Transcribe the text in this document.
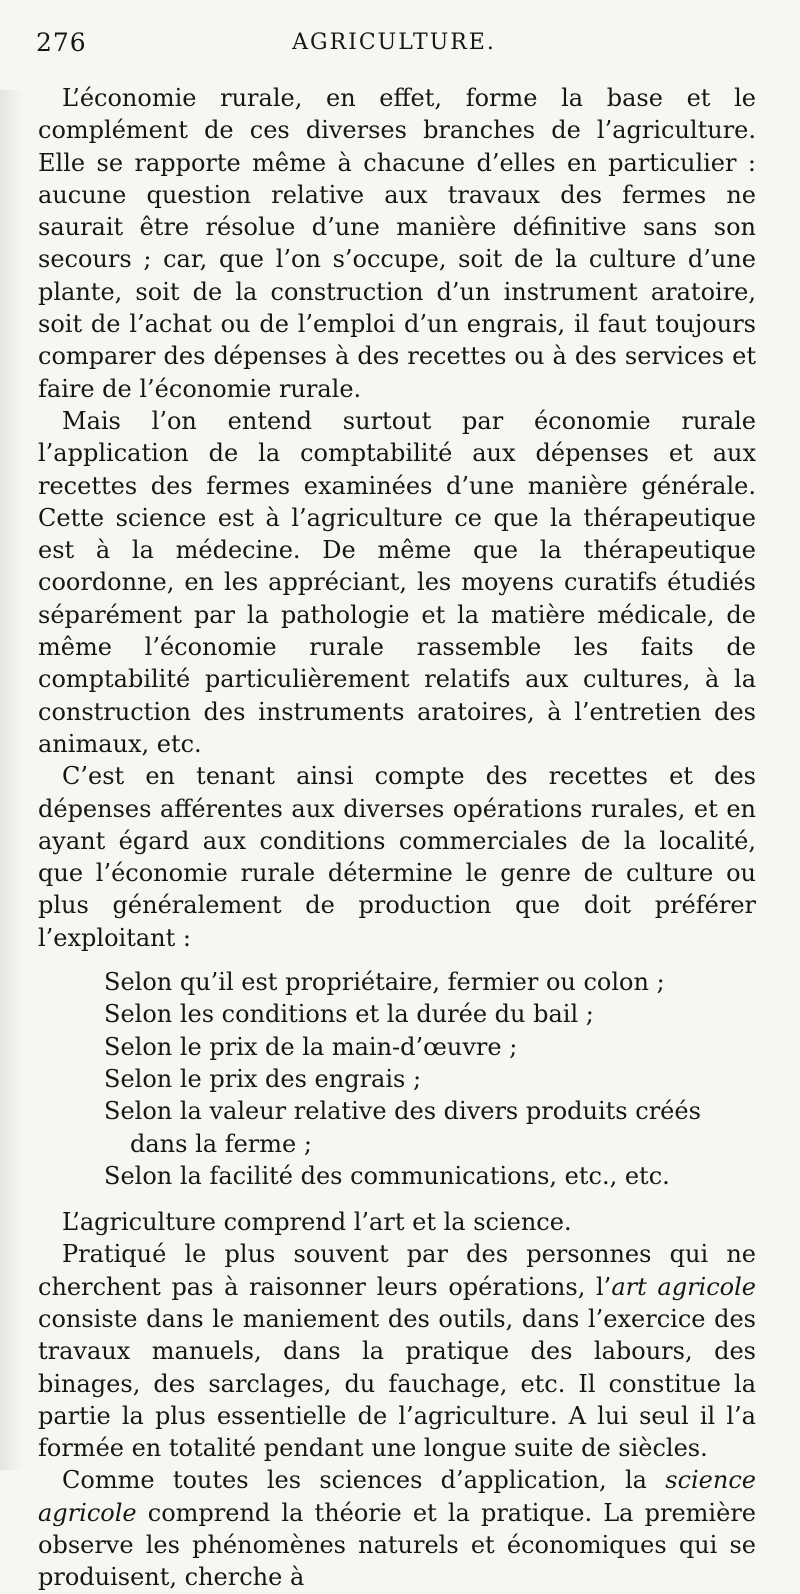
276	AGRICULTURE.

L’économie rurale, en effet, forme la base et le complément de ces diverses branches de l’agriculture. Elle se rapporte même à chacune d’elles en particulier : aucune question relative aux travaux des fermes ne saurait être résolue d’une manière définitive sans son secours ; car, que l’on s’occupe, soit de la culture d’une plante, soit de la construction d’un instrument aratoire, soit de l’achat ou de l’emploi d’un engrais, il faut toujours comparer des dépenses à des recettes ou à des services et faire de l’économie rurale.

Mais l’on entend surtout par économie rurale l’application de la comptabilité aux dépenses et aux recettes des fermes examinées d’une manière générale. Cette science est à l’agriculture ce que la thérapeutique est à la médecine. De même que la thérapeutique coordonne, en les appréciant, les moyens curatifs étudiés séparément par la pathologie et la matière médicale, de même l’économie rurale rassemble les faits de comptabilité particulièrement relatifs aux cultures, à la construction des instruments aratoires, à l’entretien des animaux, etc.

C’est en tenant ainsi compte des recettes et des dépenses afférentes aux diverses opérations rurales, et en ayant égard aux conditions commerciales de la localité, que l’économie rurale détermine le genre de culture ou plus généralement de production que doit préférer l’exploitant :

Selon qu’il est propriétaire, fermier ou colon ;
Selon les conditions et la durée du bail ;
Selon le prix de la main-d’œuvre ;
Selon le prix des engrais ;
Selon la valeur relative des divers produits créés dans la ferme ;
Selon la facilité des communications, etc., etc.

L’agriculture comprend l’art et la science.

Pratiqué le plus souvent par des personnes qui ne cherchent pas à raisonner leurs opérations, l’art agricole consiste dans le maniement des outils, dans l’exercice des travaux manuels, dans la pratique des labours, des binages, des sarclages, du fauchage, etc. Il constitue la partie la plus essentielle de l’agriculture. A lui seul il l’a formée en totalité pendant une longue suite de siècles.

Comme toutes les sciences d’application, la science agricole comprend la théorie et la pratique. La première observe les phénomènes naturels et économiques qui se produisent, cherche à
